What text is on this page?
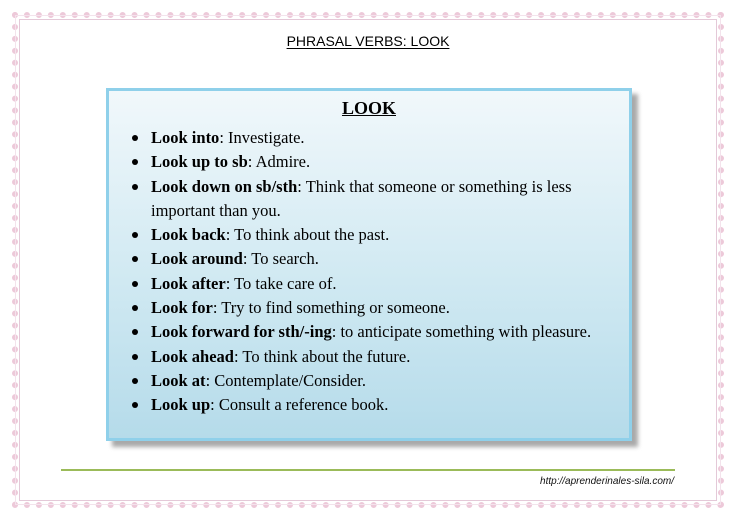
PHRASAL VERBS: LOOK
LOOK
Look into: Investigate.
Look up to sb: Admire.
Look down on sb/sth: Think that someone or something is less important than you.
Look back: To think about the past.
Look around: To search.
Look after: To take care of.
Look for: Try to find something or someone.
Look forward for sth/-ing: to anticipate something with pleasure.
Look ahead: To think about the future.
Look at: Contemplate/Consider.
Look up: Consult a reference book.
http://aprenderinales-sila.com/
